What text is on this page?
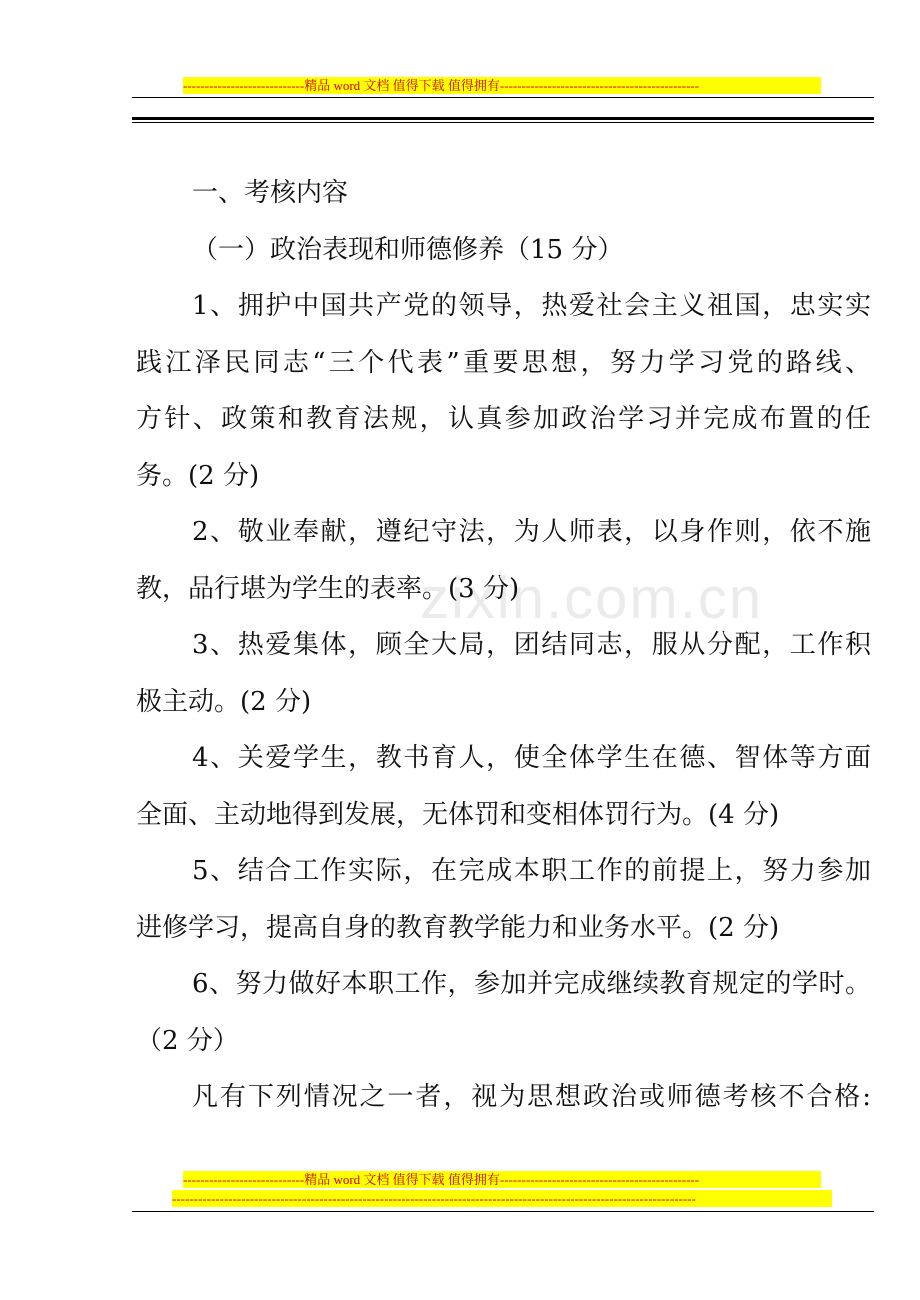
----------------------------精品 word 文档 值得下载 值得拥有----------------------------------------------
zixin.com.cn
一、考核内容
（一）政治表现和师德修养（15 分）
1、拥护中国共产党的领导，热爱社会主义祖国，忠实实
践江泽民同志“三个代表”重要思想，努力学习党的路线、
方针、政策和教育法规，认真参加政治学习并完成布置的任
务。(2 分)
2、敬业奉献，遵纪守法，为人师表，以身作则，依不施
教，品行堪为学生的表率。(3 分)
3、热爱集体，顾全大局，团结同志，服从分配，工作积
极主动。(2 分)
4、关爱学生，教书育人，使全体学生在德、智体等方面
全面、主动地得到发展，无体罚和变相体罚行为。(4 分)
5、结合工作实际，在完成本职工作的前提上，努力参加
进修学习，提高自身的教育教学能力和业务水平。(2 分)
6、努力做好本职工作，参加并完成继续教育规定的学时。
（2 分）
凡有下列情况之一者，视为思想政治或师德考核不合格:
----------------------------精品 word 文档 值得下载 值得拥有----------------------------------------------
-------------------------------------------------------------------------------------------------------------------------
